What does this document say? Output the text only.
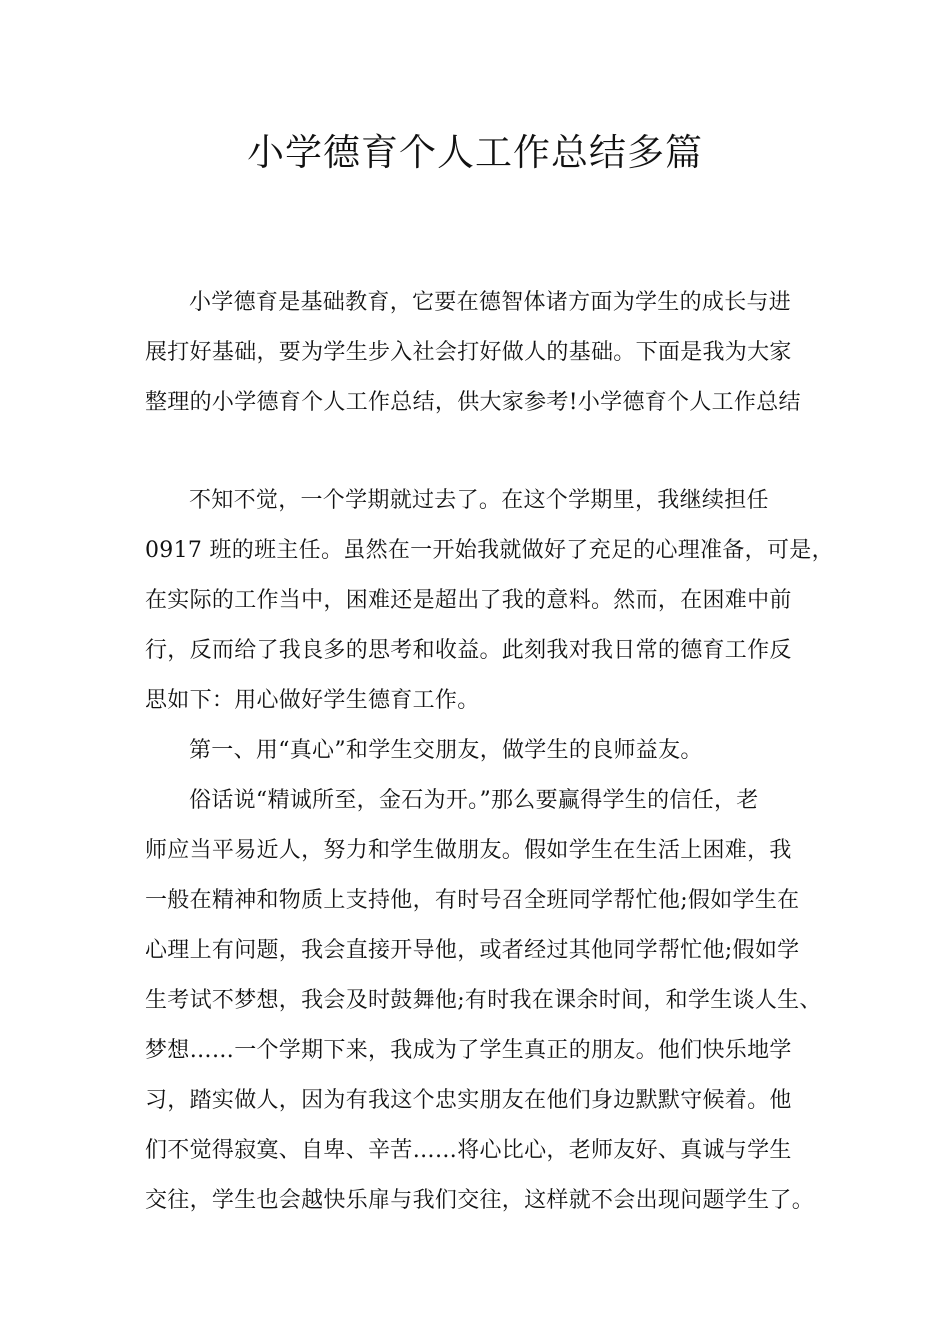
小学德育个人工作总结多篇
小学德育是基础教育，它要在德智体诸方面为学生的成长与进
展打好基础，要为学生步入社会打好做人的基础。下面是我为大家
整理的小学德育个人工作总结，供大家参考!小学德育个人工作总结
不知不觉，一个学期就过去了。在这个学期里，我继续担任
0917 班的班主任。虽然在一开始我就做好了充足的心理准备，可是，
在实际的工作当中，困难还是超出了我的意料。然而，在困难中前
行，反而给了我良多的思考和收益。此刻我对我日常的德育工作反
思如下：用心做好学生德育工作。
第一、用“真心”和学生交朋友，做学生的良师益友。
俗话说“精诚所至，金石为开。”那么要赢得学生的信任，老
师应当平易近人，努力和学生做朋友。假如学生在生活上困难，我
一般在精神和物质上支持他，有时号召全班同学帮忙他;假如学生在
心理上有问题，我会直接开导他，或者经过其他同学帮忙他;假如学
生考试不梦想，我会及时鼓舞他;有时我在课余时间，和学生谈人生、
梦想……一个学期下来，我成为了学生真正的朋友。他们快乐地学
习，踏实做人，因为有我这个忠实朋友在他们身边默默守候着。他
们不觉得寂寞、自卑、辛苦……将心比心，老师友好、真诚与学生
交往，学生也会越快乐扉与我们交往，这样就不会出现问题学生了。
